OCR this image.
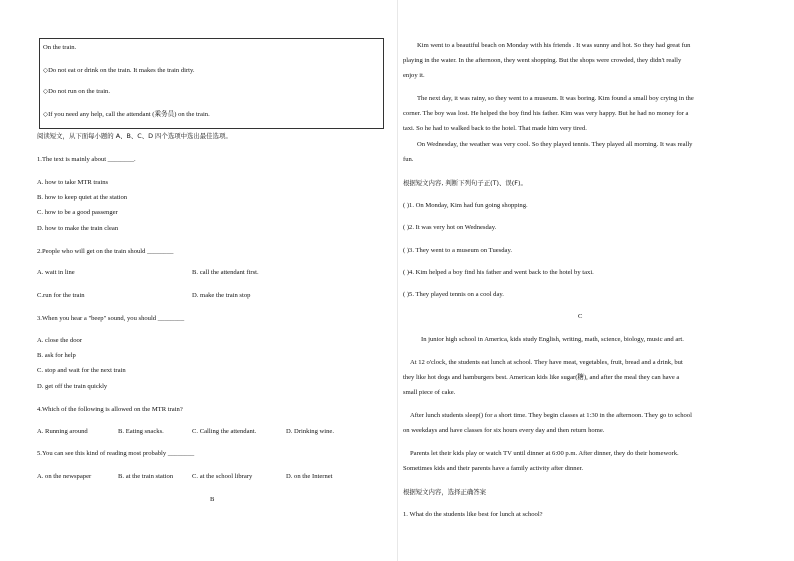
On the train.
◇Do not eat or drink on the train. It makes the train dirty.
◇Do not run on the train.
◇If you need any help, call the attendant (乘务员) on the train.
阅读短文，从下面每小题的 A、B、C、D 四个选项中选出最佳选项。
1.The text is mainly about ________.
A. how to take MTR trains
B. how to keep quiet at the station
C. how to be a good passenger
D. how to make the train clean
2.People who will get on the train should ________
A. wait in line	B. call the attendant first.
C.run for the train	D. make the train stop
3.When you hear a "beep" sound, you should ________
A. close the door
B. ask for help
C. stop and wait for the next train
D. get off the train quickly
4.Which of the following is allowed on the MTR train?
A. Running around	B. Eating snacks.	C. Calling the attendant.	D. Drinking wine.
5.You can see this kind of reading most probably ________
A. on the newspaper	B. at the train station	C. at the school library	D. on the Internet
B
Kim went to a beautiful beach on Monday with his friends . It was sunny and hot. So they had great fun
playing in the water. In the afternoon, they went shopping. But the shops were crowded, they didn't really
enjoy it.
The next day, it was rainy, so they went to a museum. It was boring. Kim found a small boy crying in the
corner. The boy was lost. He helped the boy find his father. Kim was very happy. But he had no money for a
taxi. So he had to walked back to the hotel. That made him very tired.
On Wednesday, the weather was very cool. So they played tennis. They played all morning. It was really
fun.
根据短文内容, 判断下列句子正(T)、误(F)。
( )1. On Monday, Kim had fun going shopping.
( )2. It was very hot on Wednesday.
( )3. They went to a museum on Tuesday.
( )4. Kim helped a boy find his father and went back to the hotel by taxi.
( )5. They played tennis on a cool day.
C
In junior high school in America, kids study English, writing, math, science, biology, music and art.
At 12 o'clock, the students eat lunch at school. They have meat, vegetables, fruit, bread and a drink, but
they like hot dogs and hamburgers best. American kids like sugar(糖), and after the meal they can have a
small piece of cake.
After lunch students sleep() for a short time. They begin classes at 1:30 in the afternoon. They go to school
on weekdays and have classes for six hours every day and then return home.
Parents let their kids play or watch TV until dinner at 6:00 p.m. After dinner, they do their homework.
Sometimes kids and their parents have a family activity after dinner.
根据短文内容，选择正确答案
1. What do the students like best for lunch at school?
